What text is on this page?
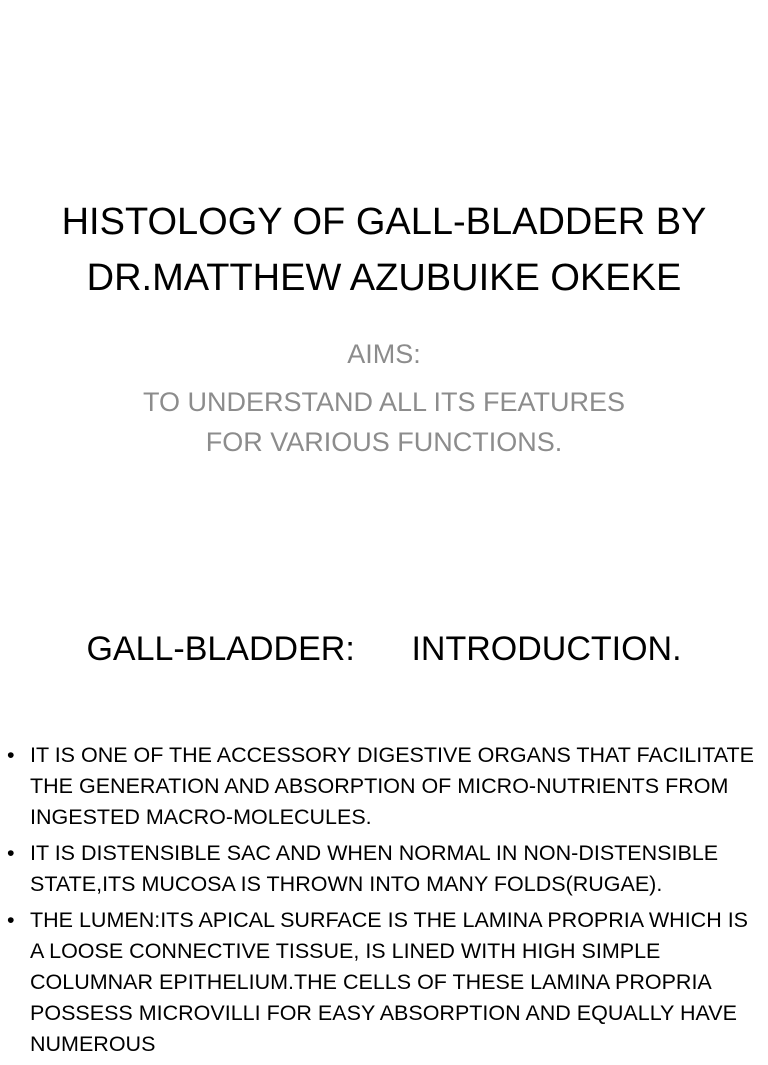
HISTOLOGY OF GALL-BLADDER BY
DR.MATTHEW AZUBUIKE OKEKE
AIMS:
TO UNDERSTAND ALL ITS FEATURES
FOR VARIOUS FUNCTIONS.
GALL-BLADDER:      INTRODUCTION.
• IT IS ONE OF THE ACCESSORY DIGESTIVE ORGANS THAT FACILITATE THE GENERATION AND ABSORPTION OF MICRO-NUTRIENTS FROM INGESTED MACRO-MOLECULES.
• IT IS DISTENSIBLE SAC AND WHEN NORMAL IN NON-DISTENSIBLE STATE,ITS MUCOSA IS THROWN INTO MANY FOLDS(RUGAE).
• THE LUMEN:ITS APICAL SURFACE IS THE LAMINA PROPRIA WHICH IS A LOOSE CONNECTIVE TISSUE, IS LINED WITH HIGH SIMPLE COLUMNAR EPITHELIUM.THE CELLS OF THESE LAMINA PROPRIA POSSESS MICROVILLI FOR EASY ABSORPTION AND EQUALLY HAVE NUMEROUS
